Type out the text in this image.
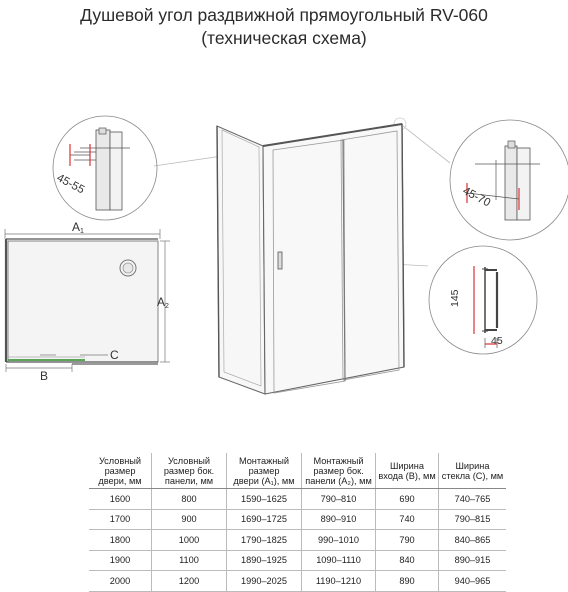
Душевой угол раздвижной прямоугольный RV-060
(техническая схема)
45-55
45-70
145
45
A 1
A 2
C
B
Условный
размер
двери, мм	Условный
размер бок.
панели, мм	Монтажный
размер
двери (A₁), мм	Монтажный
размер бок.
панели (A₂), мм	Ширина
входа (B), мм	Ширина
стекла (C), мм
1600	800	1590–1625	790–810	690	740–765
1700	900	1690–1725	890–910	740	790–815
1800	1000	1790–1825	990–1010	790	840–865
1900	1100	1890–1925	1090–1110	840	890–915
2000	1200	1990–2025	1190–1210	890	940–965
